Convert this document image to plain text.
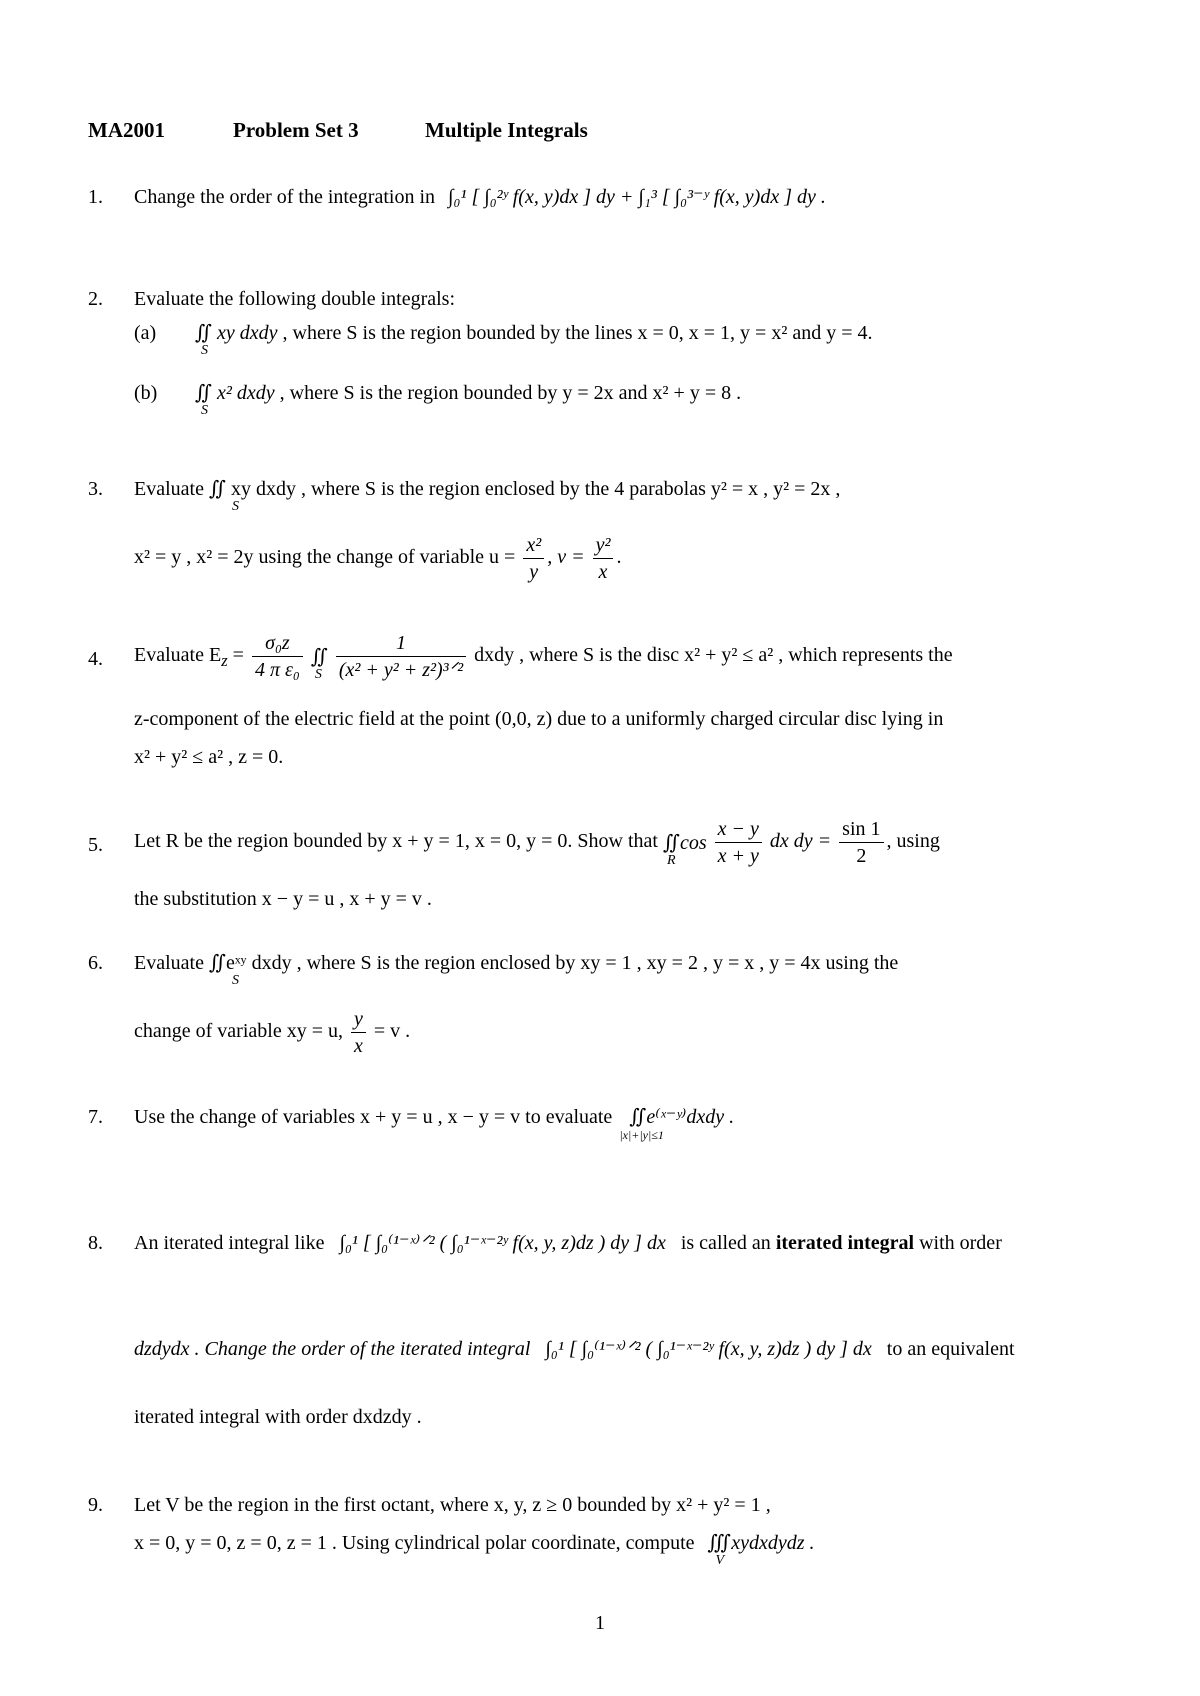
MA2001	Problem Set 3	Multiple Integrals
1.	Change the order of the integration in ∫₀¹ [ ∫₀²ʸ f(x, y)dx ] dy + ∫₁³ [ ∫₀³⁻ʸ f(x, y)dx ] dy .
2.	Evaluate the following double integrals:
(a) ∬ xy dxdy
S
, where S is the region bounded by the lines x = 0, x = 1, y = x² and y = 4.
(b) ∬ x² dxdy
S
, where S is the region bounded by y = 2x and x² + y = 8 .
3.	Evaluate ∬ xy dxdy , where S is the region enclosed by the 4 parabolas y² = x , y² = 2x ,
S
x² = y , x² = 2y using the change of variable $u = \frac{\text{x²}}{y}$ , $v = \frac{\text{y²}}{x}$ .
4.	Evaluate $E_z = \frac{\text{σ₀z}}{\text{4 π ε₀}}$ ∬
S
$\frac{1}{\text{(x² + y² + z²)³ᐟ²}}$ dxdy , where S is the disc x² + y² ≤ a² , which represents the
z-component of the electric field at the point (0,0, z) due to a uniformly charged circular disc lying in
x² + y² ≤ a² , z = 0.
5.	Let R be the region bounded by x + y = 1, x = 0, y = 0. Show that ∬cos
R
$\frac{x - y}{x + y}$ dx dy = $\frac{\sin 1}{2}$ , using
the substitution x − y = u , x + y = v .
6.	Evaluate ∬eˣʸ dxdy , where S is the region enclosed by xy = 1 , xy = 2 , y = x , y = 4x using the
S
change of variable xy = u, $\frac{y}{x} = v$ .
7.	Use the change of variables x + y = u , x − y = v to evaluate ∬e⁽ˣ⁻ʸ⁾dxdy .
|x|+|y|≤1
8.	An iterated integral like ∫₀¹ [ ∫₀⁽¹⁻ˣ⁾ᐟ² ( ∫₀¹⁻ˣ⁻²ʸ f(x, y, z)dz ) dy ] dx is called an iterated integral with order
dzdydx . Change the order of the iterated integral ∫₀¹ [ ∫₀⁽¹⁻ˣ⁾ᐟ² ( ∫₀¹⁻ˣ⁻²ʸ f(x, y, z)dz ) dy ] dx to an equivalent
iterated integral with order dxdzdy .
9.	Let V be the region in the first octant, where x, y, z ≥ 0 bounded by x² + y² = 1 ,
x = 0, y = 0, z = 0, z = 1 . Using cylindrical polar coordinate, compute ∭xydxdydz .
V
1
